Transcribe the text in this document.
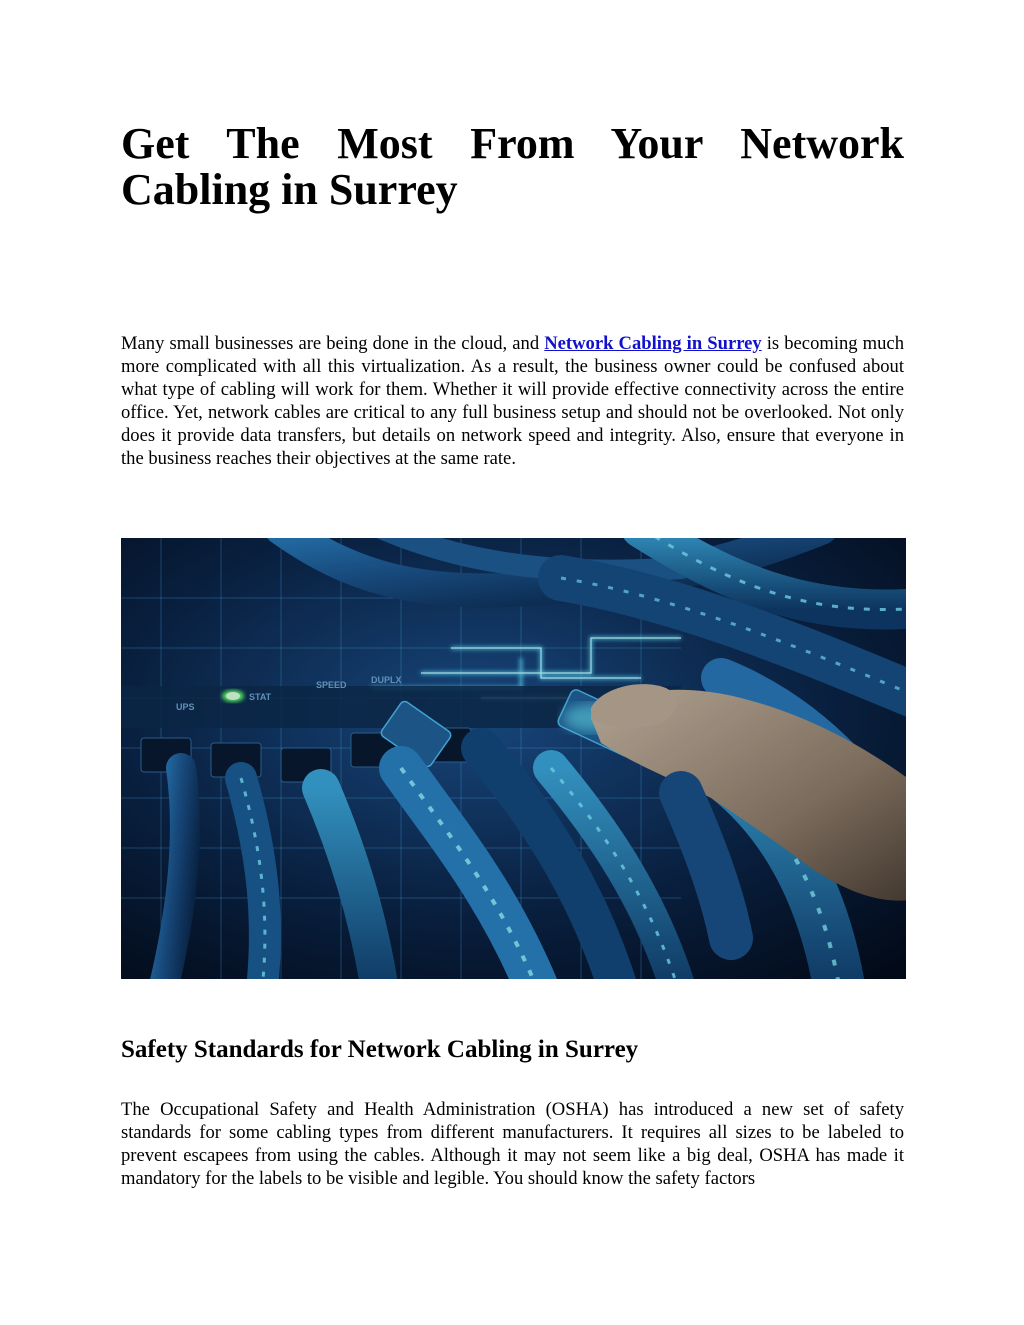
Get The Most From Your Network
Cabling in Surrey

Many small businesses are being done in the cloud, and Network Cabling in Surrey is becoming much more complicated with all this virtualization. As a result, the business owner could be confused about what type of cabling will work for them. Whether it will provide effective connectivity across the entire office. Yet, network cables are critical to any full business setup and should not be overlooked. Not only does it provide data transfers, but details on network speed and integrity. Also, ensure that everyone in the business reaches their objectives at the same rate.

UPS
STAT
SPEED	DUPLX
Safety Standards for Network Cabling in Surrey

The Occupational Safety and Health Administration (OSHA) has introduced a new set of safety standards for some cabling types from different manufacturers. It requires all sizes to be labeled to prevent escapees from using the cables. Although it may not seem like a big deal, OSHA has made it mandatory for the labels to be visible and legible. You should know the safety factors
